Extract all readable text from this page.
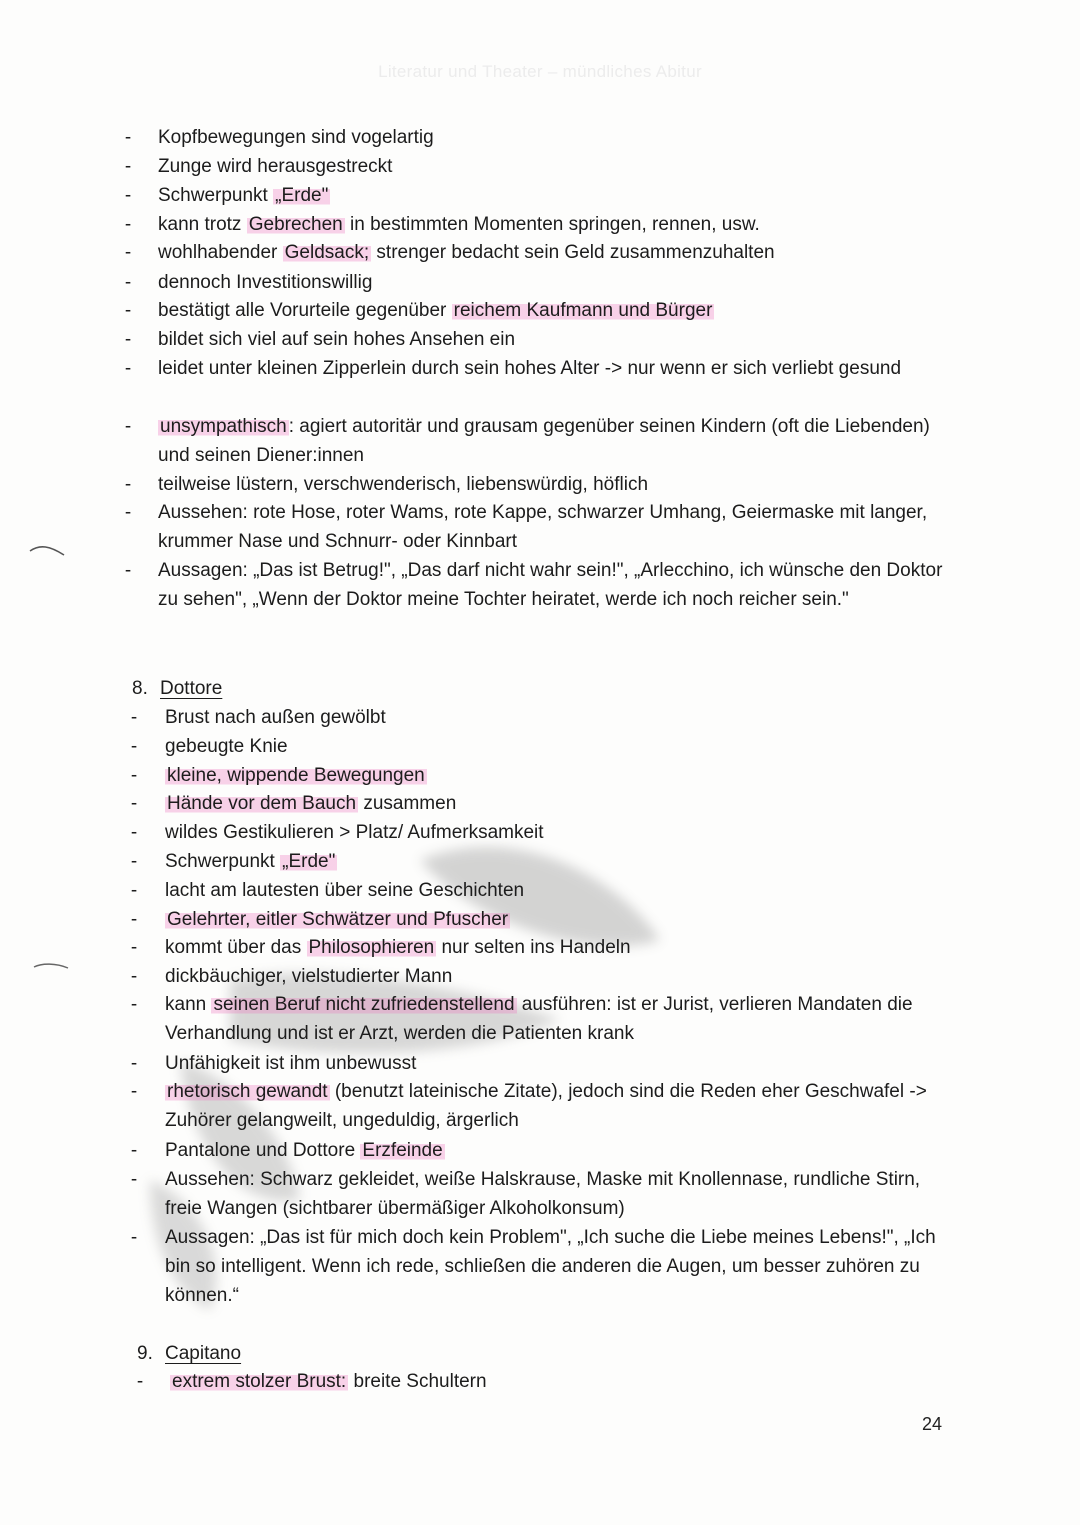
Literatur und Theater – mündliches Abitur
- Kopfbewegungen sind vogelartig
- Zunge wird herausgestreckt
- Schwerpunkt „Erde"
- kann trotz Gebrechen in bestimmten Momenten springen, rennen, usw.
- wohlhabender Geldsack; strenger bedacht sein Geld zusammenzuhalten
- dennoch Investitionswillig
- bestätigt alle Vorurteile gegenüber reichem Kaufmann und Bürger
- bildet sich viel auf sein hohes Ansehen ein
- leidet unter kleinen Zipperlein durch sein hohes Alter -> nur wenn er sich verliebt gesund
- unsympathisch : agiert autoritär und grausam gegenüber seinen Kindern (oft die Liebenden) und seinen Diener:innen
- teilweise lüstern, verschwenderisch, liebenswürdig, höflich
- Aussehen: rote Hose, roter Wams, rote Kappe, schwarzer Umhang, Geiermaske mit langer, krummer Nase und Schnurr- oder Kinnbart
- Aussagen: „Das ist Betrug!", „Das darf nicht wahr sein!", „Arlecchino, ich wünsche den Doktor zu sehen", „Wenn der Doktor meine Tochter heiratet, werde ich noch reicher sein."
8. Dottore
- Brust nach außen gewölbt
- gebeugte Knie
- kleine, wippende Bewegungen
- Hände vor dem Bauch zusammen
- wildes Gestikulieren > Platz/ Aufmerksamkeit
- Schwerpunkt „Erde"
- lacht am lautesten über seine Geschichten
- Gelehrter, eitler Schwätzer und Pfuscher
- kommt über das Philosophieren nur selten ins Handeln
- dickbäuchiger, vielstudierter Mann
- kann seinen Beruf nicht zufriedenstellend ausführen: ist er Jurist, verlieren Mandaten die Verhandlung und ist er Arzt, werden die Patienten krank
- Unfähigkeit ist ihm unbewusst
- rhetorisch gewandt (benutzt lateinische Zitate), jedoch sind die Reden eher Geschwafel -> Zuhörer gelangweilt, ungeduldig, ärgerlich
- Pantalone und Dottore Erzfeinde
- Aussehen: Schwarz gekleidet, weiße Halskrause, Maske mit Knollennase, rundliche Stirn, freie Wangen (sichtbarer übermäßiger Alkoholkonsum)
- Aussagen: „Das ist für mich doch kein Problem", „Ich suche die Liebe meines Lebens!", „Ich bin so intelligent. Wenn ich rede, schließen die anderen die Augen, um besser zuhören zu können.“
9. Capitano
- extrem stolzer Brust: breite Schultern
24
